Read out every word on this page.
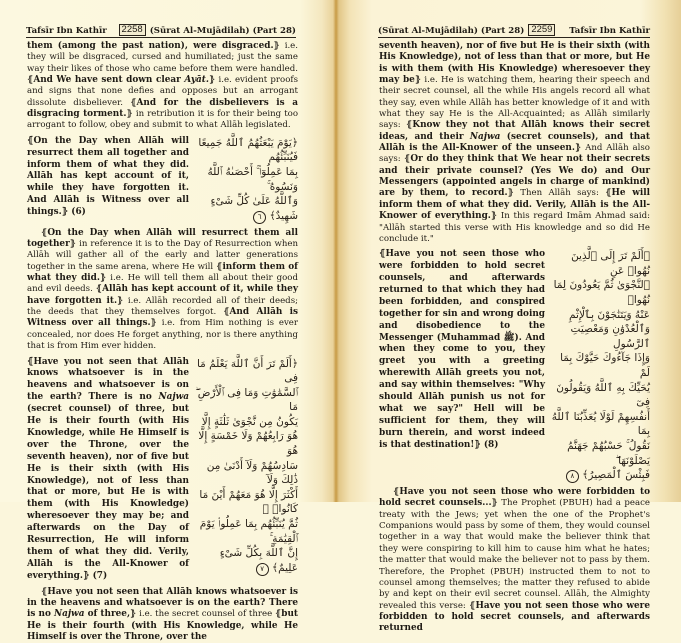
Tafsīr Ibn Kathīr	2258 (Sūrat Al-Mujādilah) (Part 28)

them (among the past nation), were disgraced.⦄ i.e. they will be disgraced, cursed and humiliated; just the same way their likes of those who came before them were handled. ⦃And We have sent down clear Ayāt.⦄ i.e. evident proofs and signs that none defies and opposes but an arrogant dissolute disbeliever. ⦃And for the disbelievers is a disgracing torment.⦄ in retribution it is for their being too arrogant to follow, obey and submit to what Allāh legislated.

⦃On the Day when Allāh will resurrect them all together and inform them of what they did. Allāh has kept account of it, while they have forgotten it. And Allāh is Witness over all things.⦄ (6)
﴿يَوْمَ يَبْعَثُهُمُ ٱللَّهُ جَمِيعًا فَيُنَبِّئُهُم
بِمَا عَمِلُوٓا۟ ۚ أَحْصَىٰهُ ٱللَّهُ وَنَسُوهُ ۚ
وَٱللَّهُ عَلَىٰ كُلِّ شَىْءٍ شَهِيدٌ﴾ ٦

⦃On the Day when Allāh will resurrect them all together⦄ in reference it is to the Day of Resurrection when Allāh will gather all of the early and latter generations together in the same arena, where He will ⦃inform them of what they did.⦄ i.e. He will tell them all about their good and evil deeds. ⦃Allāh has kept account of it, while they have forgotten it.⦄ i.e. Allāh recorded all of their deeds; the deeds that they themselves forgot. ⦃And Allāh is Witness over all things.⦄ i.e. from Him nothing is ever concealed, nor does He forget anything, nor is there anything that is from Him ever hidden.

⦃Have you not seen that Allāh knows whatsoever is in the heavens and whatsoever is on the earth? There is no Najwa (secret counsel) of three, but He is their fourth (with His Knowledge, while He Himself is over the Throne, over the seventh heaven), nor of five but He is their sixth (with His Knowledge), not of less than that or more, but He is with them (with His Knowledge) wheresoever they may be; and afterwards on the Day of Resurrection, He will inform them of what they did. Verily, Allāh is the All-Knower of everything.⦄ (7)
﴿أَلَمْ تَرَ أَنَّ ٱللَّهَ يَعْلَمُ مَا فِى
ٱلسَّمَٰوَٰتِ وَمَا فِى ٱلْأَرْضِ ۖ مَا
يَكُونُ مِن نَّجْوَىٰ ثَلَٰثَةٍ إِلَّا
هُوَ رَابِعُهُمْ وَلَا خَمْسَةٍ إِلَّا هُوَ
سَادِسُهُمْ وَلَآ أَدْنَىٰ مِن ذَٰلِكَ وَلَآ
أَكْثَرَ إِلَّا هُوَ مَعَهُمْ أَيْنَ مَا كَانُوا۟ ۖ
ثُمَّ يُنَبِّئُهُم بِمَا عَمِلُوا۟ يَوْمَ ٱلْقِيَٰمَةِ ۚ
إِنَّ ٱللَّهَ بِكُلِّ شَىْءٍ عَلِيمٌ﴾ ٧

⦃Have you not seen that Allāh knows whatsoever is in the heavens and whatsoever is on the earth? There is no Najwa of three,⦄ i.e. the secret counsel of three ⦃but He is their fourth (with His Knowledge, while He Himself is over the Throne, over the

(Sūrat Al-Mujādilah) (Part 28) 2259	Tafsīr Ibn Kathīr

seventh heaven), nor of five but He is their sixth (with His Knowledge), not of less than that or more, but He is with them (with His Knowledge) wheresoever they may be⦄ i.e. He is watching them, hearing their speech and their secret counsel, all the while His angels record all what they say, even while Allāh has better knowledge of it and with what they say He is the All-Acquainted; as Allāh similarly says: ⦃Know they not that Allāh knows their secret ideas, and their Najwa (secret counsels), and that Allāh is the All-Knower of the unseen.⦄ And Allāh also says: ⦃Or do they think that We hear not their secrets and their private counsel? (Yes We do) and Our Messengers (appointed angels in charge of mankind) are by them, to record.⦄ Then Allāh says: ⦃He will inform them of what they did. Verily, Allāh is the All-Knower of everything.⦄ In this regard Imām Ahmad said: "Allāh started this verse with His knowledge and so did He conclude it."

⦃Have you not seen those who were forbidden to hold secret counsels, and afterwards returned to that which they had been forbidden, and conspired together for sin and wrong doing and disobedience to the Messenger (Muhammad ﷺ). And when they come to you, they greet you with a greeting wherewith Allāh greets you not, and say within themselves: "Why should Allāh punish us not for what we say?" Hell will be sufficient for them, they will burn therein, and worst indeed is that destination!⦄ (8)
﴿أَلَمْ تَرَ إِلَى ٱلَّذِينَ نُهُوا۟ عَنِ
ٱلنَّجْوَىٰ ثُمَّ يَعُودُونَ لِمَا نُهُوا۟
عَنْهُ وَيَتَنَٰجَوْنَ بِٱلْإِثْمِ
وَٱلْعُدْوَٰنِ وَمَعْصِيَتِ ٱلرَّسُولِ
وَإِذَا جَآءُوكَ حَيَّوْكَ بِمَا لَمْ
يُحَيِّكَ بِهِ ٱللَّهُ وَيَقُولُونَ فِىٓ
أَنفُسِهِمْ لَوْلَا يُعَذِّبُنَا ٱللَّهُ بِمَا
نَقُولُ ۚ حَسْبُهُمْ جَهَنَّمُ يَصْلَوْنَهَا ۖ
فَبِئْسَ ٱلْمَصِيرُ﴾ ٨

⦃Have you not seen those who were forbidden to hold secret counsels...⦄ The Prophet (PBUH) had a peace treaty with the Jews; yet when the one of the Prophet's Companions would pass by some of them, they would counsel together in a way that would make the believer think that they were conspiring to kill him to cause him what he hates; the matter that would make the believer not to pass by them. Therefore, the Prophet (PBUH) instructed them to not to counsel among themselves; the matter they refused to abide by and kept on their evil secret counsel. Allāh, the Almighty revealed this verse: ⦃Have you not seen those who were forbidden to hold secret counsels, and afterwards returned
